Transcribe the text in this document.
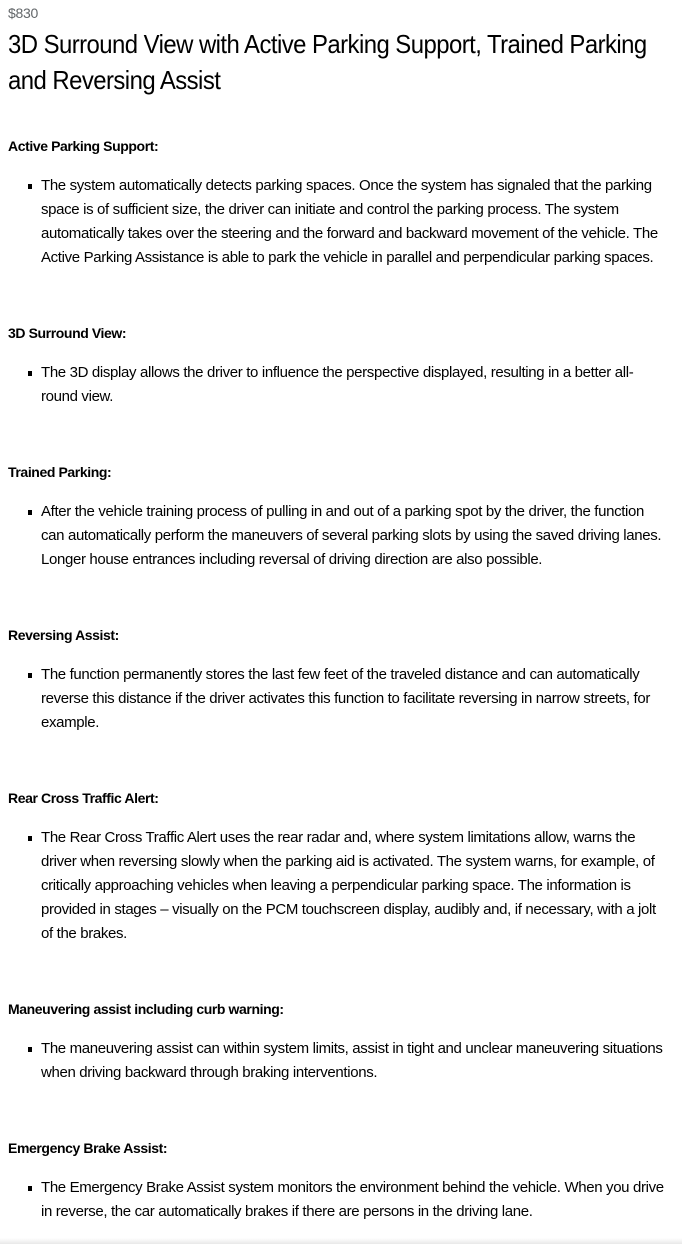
$830
3D Surround View with Active Parking Support, Trained Parking and Reversing Assist
Active Parking Support:
The system automatically detects parking spaces. Once the system has signaled that the parking space is of sufficient size, the driver can initiate and control the parking process. The system automatically takes over the steering and the forward and backward movement of the vehicle. The Active Parking Assistance is able to park the vehicle in parallel and perpendicular parking spaces.
3D Surround View:
The 3D display allows the driver to influence the perspective displayed, resulting in a better all-round view.
Trained Parking:
After the vehicle training process of pulling in and out of a parking spot by the driver, the function can automatically perform the maneuvers of several parking slots by using the saved driving lanes. Longer house entrances including reversal of driving direction are also possible.
Reversing Assist:
The function permanently stores the last few feet of the traveled distance and can automatically reverse this distance if the driver activates this function to facilitate reversing in narrow streets, for example.
Rear Cross Traffic Alert:
The Rear Cross Traffic Alert uses the rear radar and, where system limitations allow, warns the driver when reversing slowly when the parking aid is activated. The system warns, for example, of critically approaching vehicles when leaving a perpendicular parking space. The information is provided in stages – visually on the PCM touchscreen display, audibly and, if necessary, with a jolt of the brakes.
Maneuvering assist including curb warning:
The maneuvering assist can within system limits, assist in tight and unclear maneuvering situations when driving backward through braking interventions.
Emergency Brake Assist:
The Emergency Brake Assist system monitors the environment behind the vehicle. When you drive in reverse, the car automatically brakes if there are persons in the driving lane.
